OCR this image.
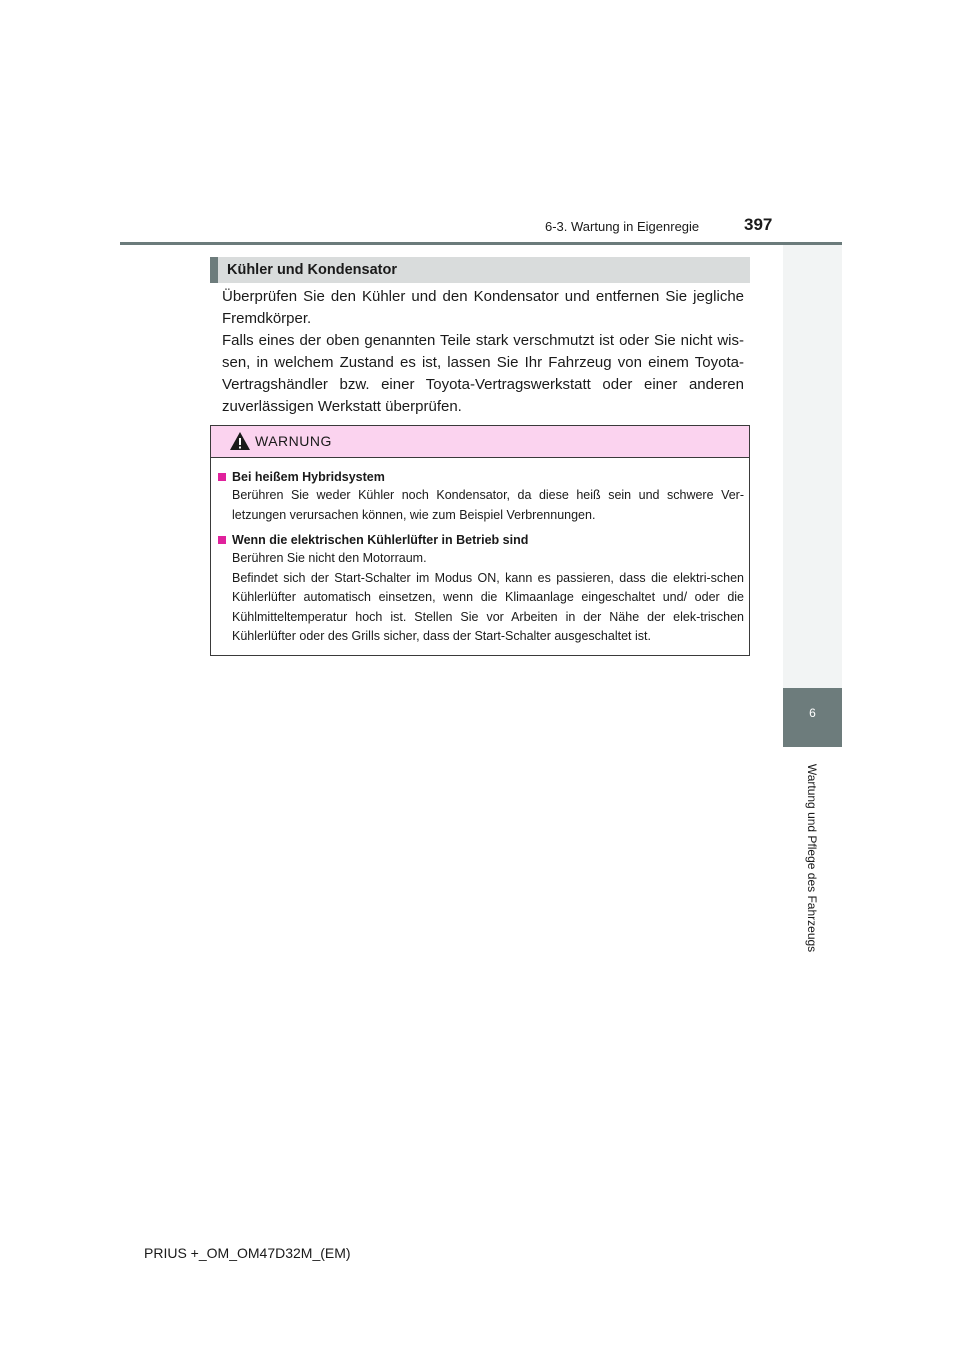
6-3. Wartung in Eigenregie	397
6
Wartung und Pflege des Fahrzeugs
Kühler und Kondensator

Überprüfen Sie den Kühler und den Kondensator und entfernen Sie jegliche Fremdkörper.

Falls eines der oben genannten Teile stark verschmutzt ist oder Sie nicht wis-sen, in welchem Zustand es ist, lassen Sie Ihr Fahrzeug von einem Toyota-Vertragshändler bzw. einer Toyota-Vertragswerkstatt oder einer anderen zuverlässigen Werkstatt überprüfen.

WARNUNG
Bei heißem Hybridsystem

Berühren Sie weder Kühler noch Kondensator, da diese heiß sein und schwere Ver-letzungen verursachen können, wie zum Beispiel Verbrennungen.

Wenn die elektrischen Kühlerlüfter in Betrieb sind

Berühren Sie nicht den Motorraum.

Befindet sich der Start-Schalter im Modus ON, kann es passieren, dass die elektri-schen Kühlerlüfter automatisch einsetzen, wenn die Klimaanlage eingeschaltet und/ oder die Kühlmitteltemperatur hoch ist. Stellen Sie vor Arbeiten in der Nähe der elek-trischen Kühlerlüfter oder des Grills sicher, dass der Start-Schalter ausgeschaltet ist.

PRIUS +_OM_OM47D32M_(EM)
